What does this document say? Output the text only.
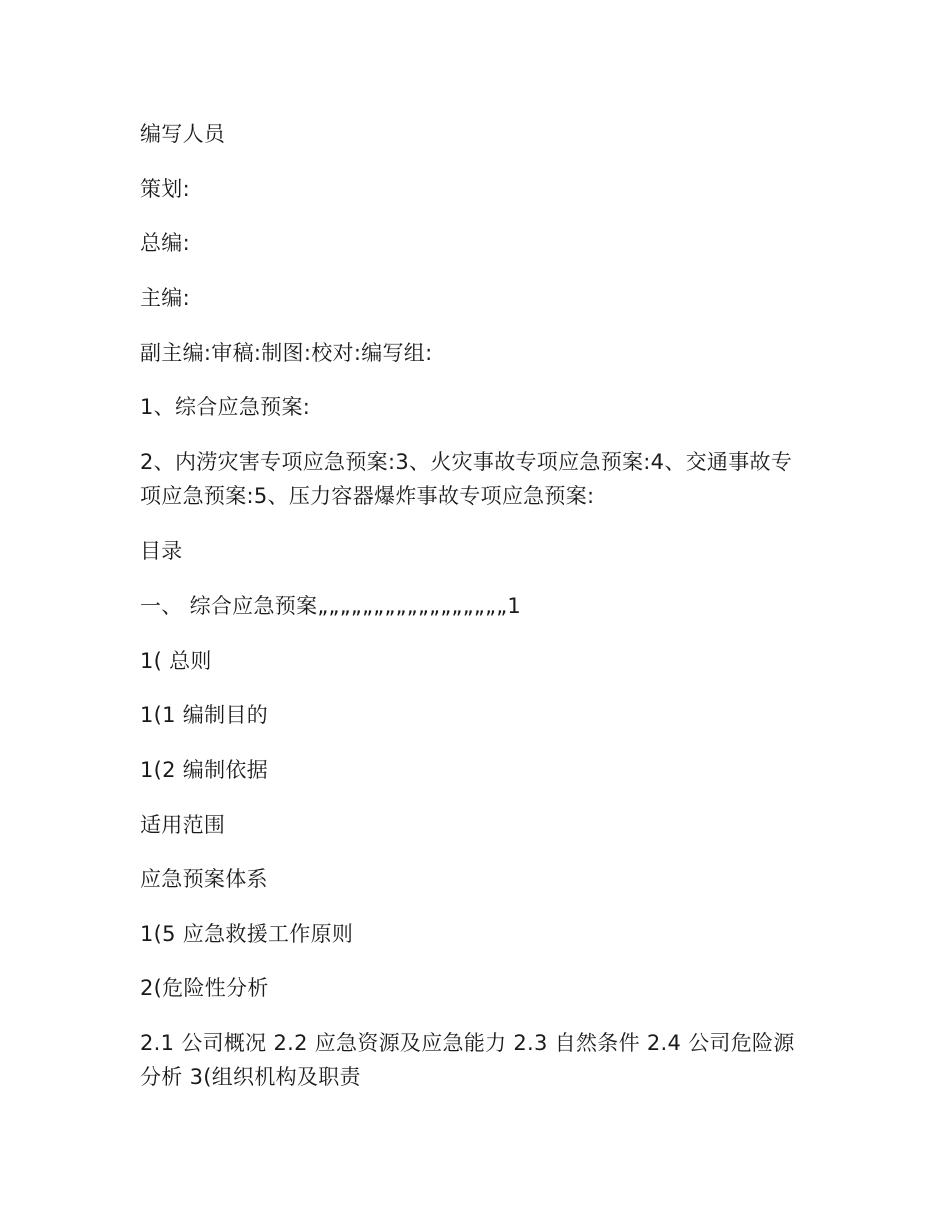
编写人员
策划:
总编:
主编:
副主编:审稿:制图:校对:编写组:
1、综合应急预案:
2、内涝灾害专项应急预案:3、火灾事故专项应急预案:4、交通事故专项应急预案:5、压力容器爆炸事故专项应急预案:
目录
一、 综合应急预案„„„„„„„„„„„„„„„„„1
1( 总则
1(1 编制目的
1(2 编制依据
适用范围
应急预案体系
1(5 应急救援工作原则
2(危险性分析
2.1 公司概况 2.2 应急资源及应急能力 2.3 自然条件 2.4 公司危险源分析 3(组织机构及职责
